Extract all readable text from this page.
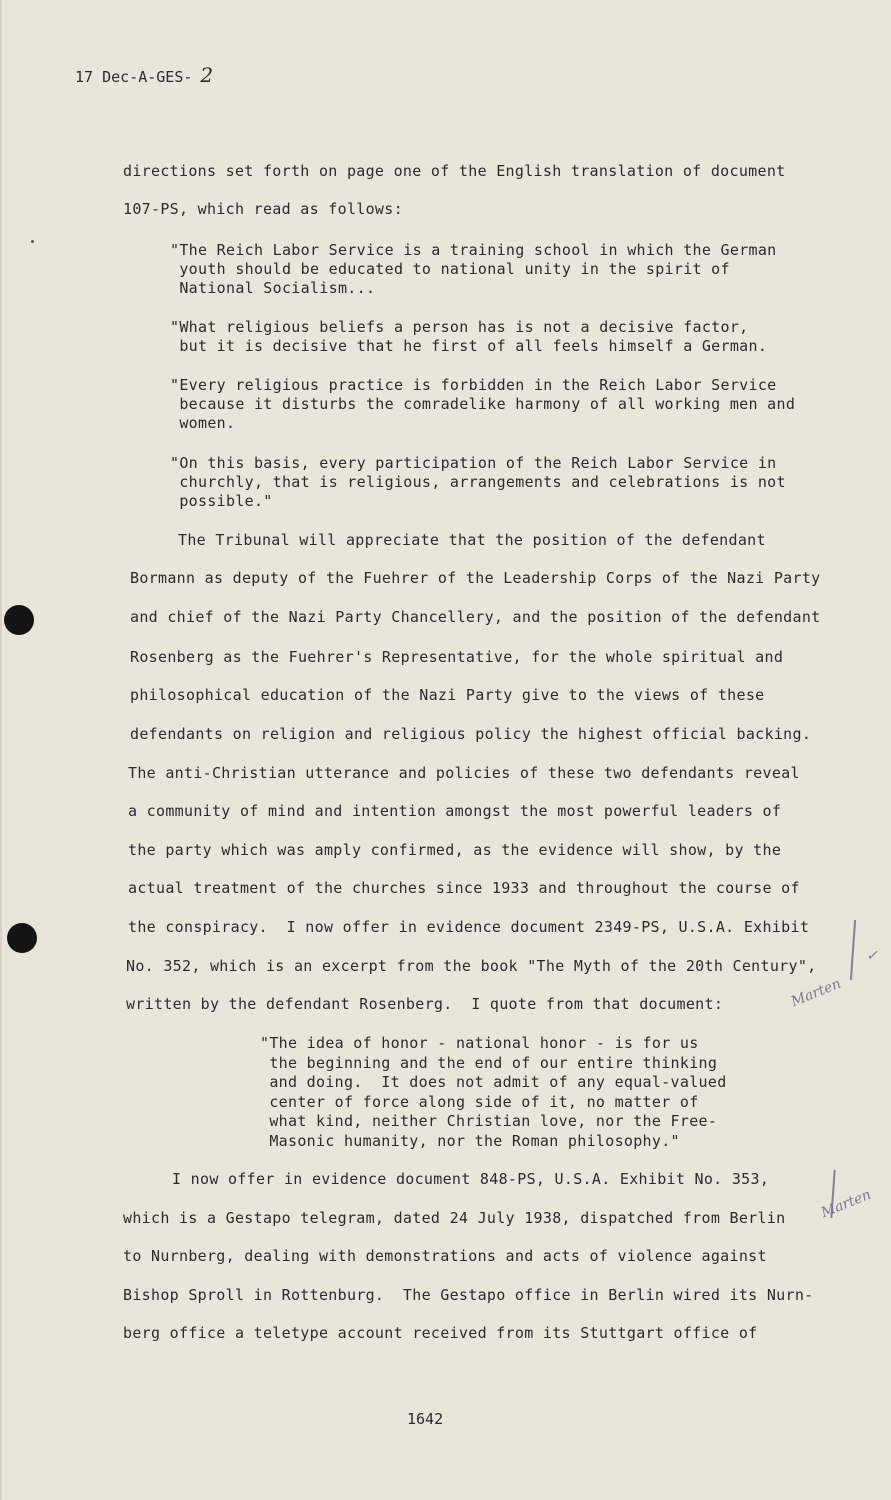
17 Dec-A-GES- 2
directions set forth on page one of the English translation of document
107-PS, which read as follows:
"The Reich Labor Service is a training school in which the German
youth should be educated to national unity in the spirit of
National Socialism...
"What religious beliefs a person has is not a decisive factor,
but it is decisive that he first of all feels himself a German.
"Every religious practice is forbidden in the Reich Labor Service
because it disturbs the comradelike harmony of all working men and
women.
"On this basis, every participation of the Reich Labor Service in
churchly, that is religious, arrangements and celebrations is not
possible."
The Tribunal will appreciate that the position of the defendant
Bormann as deputy of the Fuehrer of the Leadership Corps of the Nazi Party
and chief of the Nazi Party Chancellery, and the position of the defendant
Rosenberg as the Fuehrer's Representative, for the whole spiritual and
philosophical education of the Nazi Party give to the views of these
defendants on religion and religious policy the highest official backing.
The anti-Christian utterance and policies of these two defendants reveal
a community of mind and intention amongst the most powerful leaders of
the party which was amply confirmed, as the evidence will show, by the
actual treatment of the churches since 1933 and throughout the course of
the conspiracy.  I now offer in evidence document 2349-PS, U.S.A. Exhibit
No. 352, which is an excerpt from the book "The Myth of the 20th Century",
written by the defendant Rosenberg.  I quote from that document:
"The idea of honor - national honor - is for us
the beginning and the end of our entire thinking
and doing.  It does not admit of any equal-valued
center of force along side of it, no matter of
what kind, neither Christian love, nor the Free-
Masonic humanity, nor the Roman philosophy."
I now offer in evidence document 848-PS, U.S.A. Exhibit No. 353,
which is a Gestapo telegram, dated 24 July 1938, dispatched from Berlin
to Nurnberg, dealing with demonstrations and acts of violence against
Bishop Sproll in Rottenburg.  The Gestapo office in Berlin wired its Nurn-
berg office a teletype account received from its Stuttgart office of
✓
Marten
Marten
1642
